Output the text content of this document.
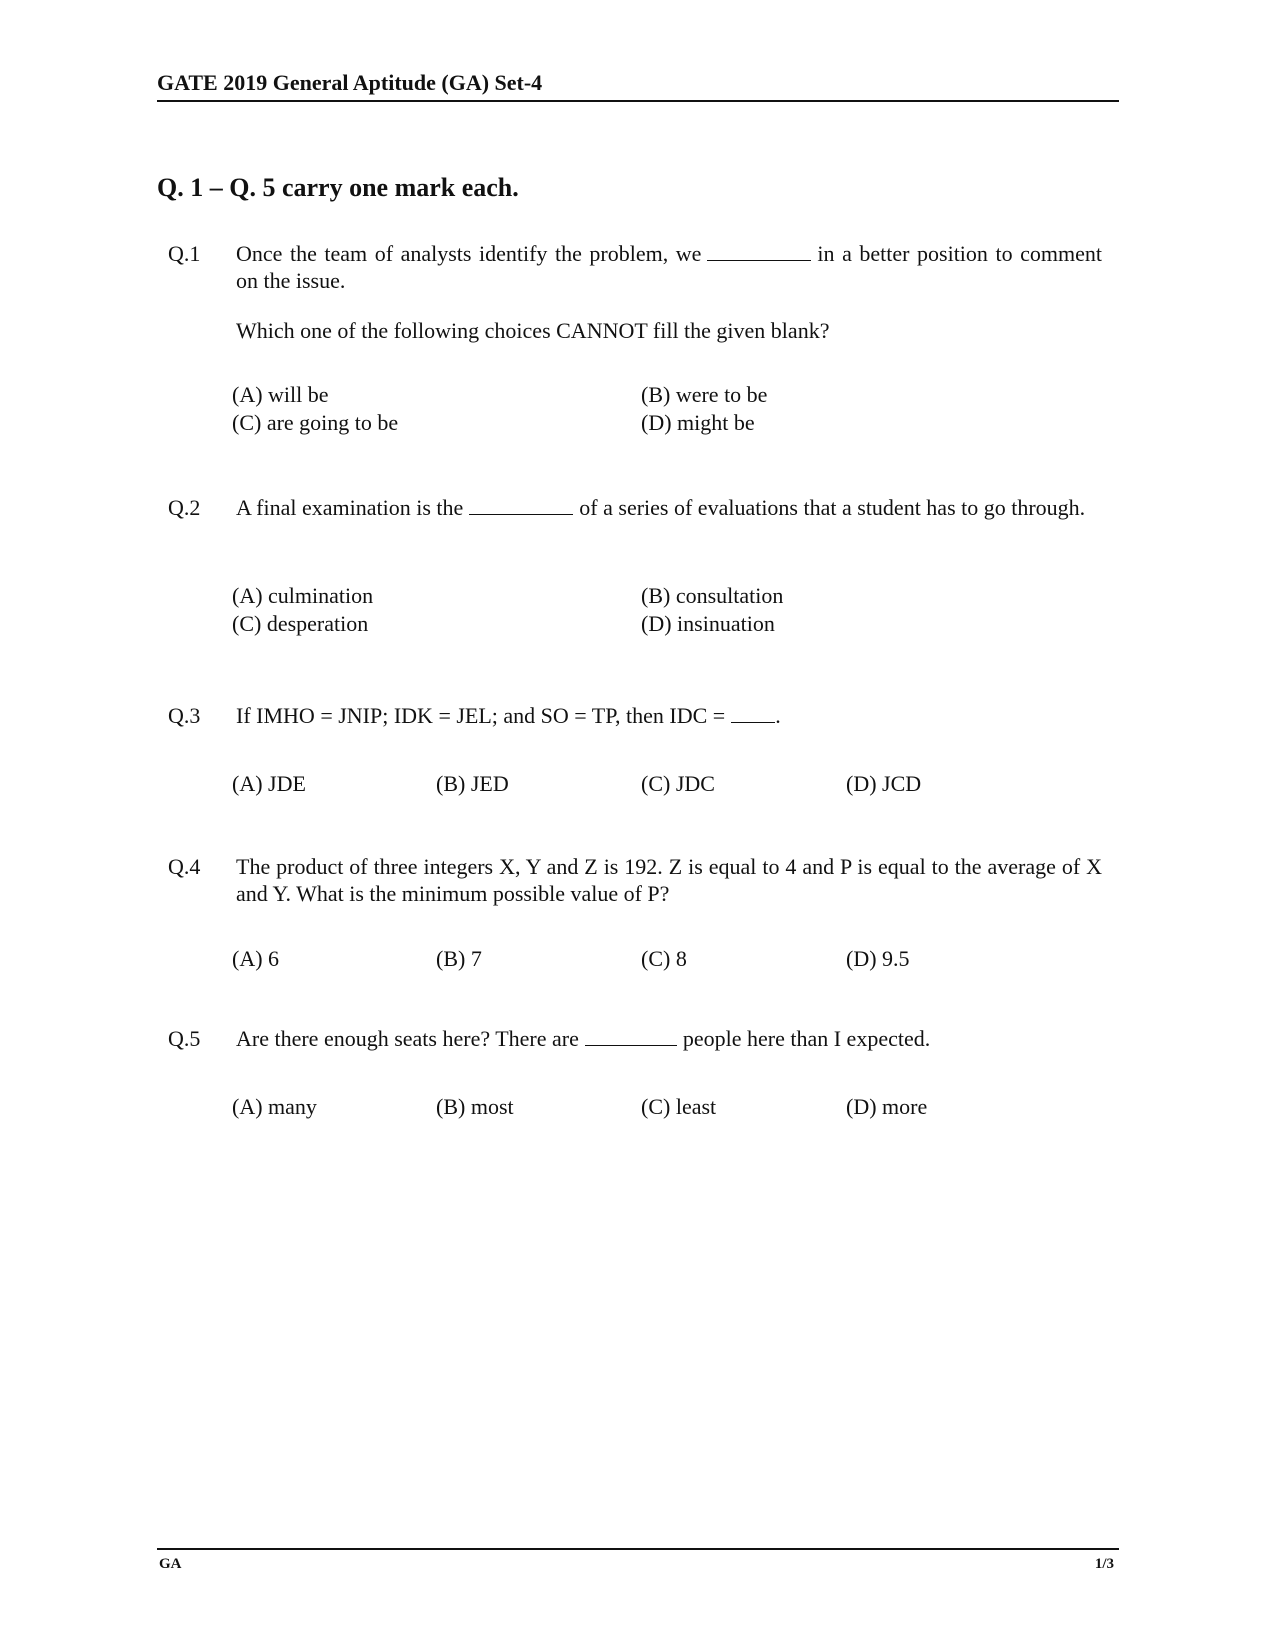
GATE 2019 General Aptitude (GA) Set-4
Q. 1 – Q. 5 carry one mark each.
Q.1 Once the team of analysts identify the problem, we	in a better position to comment on the issue.
Which one of the following choices CANNOT fill the given blank?
(A) will be	(B) were to be
(C) are going to be	(D) might be
Q.2 A final examination is the	of a series of evaluations that a student has to go through.
(A) culmination	(B) consultation
(C) desperation	(D) insinuation
Q.3 If IMHO = JNIP; IDK = JEL; and SO = TP, then IDC = .
(A) JDE	(B) JED	(C) JDC	(D) JCD
Q.4 The product of three integers X, Y and Z is 192. Z is equal to 4 and P is equal to the average of X and Y. What is the minimum possible value of P?
(A) 6	(B) 7	(C) 8	(D) 9.5
Q.5 Are there enough seats here? There are	people here than I expected.
(A) many	(B) most	(C) least	(D) more
GA	1/3
